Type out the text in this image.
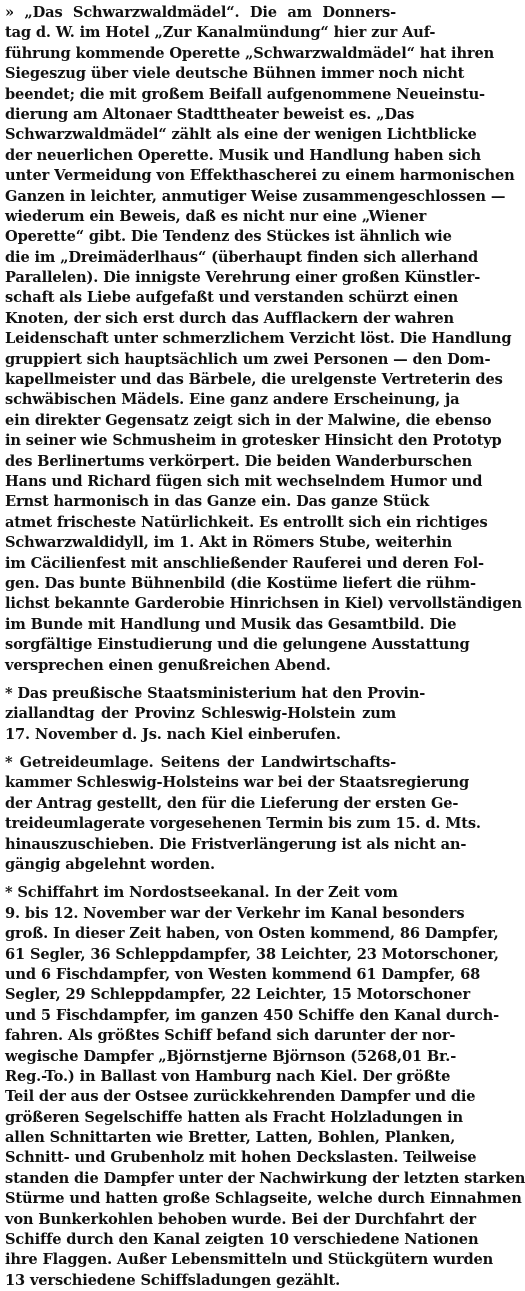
» „Das Schwarzwaldmädel“. Die am Donners-
tag d. W. im Hotel „Zur Kanalmündung“ hier zur Auf-
führung kommende Operette „Schwarzwaldmädel“ hat ihren
Siegeszug über viele deutsche Bühnen immer noch nicht
beendet; die mit großem Beifall aufgenommene Neueinstu-
dierung am Altonaer Stadttheater beweist es. „Das
Schwarzwaldmädel“ zählt als eine der wenigen Lichtblicke
der neuerlichen Operette. Musik und Handlung haben sich
unter Vermeidung von Effekthascherei zu einem harmonischen
Ganzen in leichter, anmutiger Weise zusammengeschlossen —
wiederum ein Beweis, daß es nicht nur eine „Wiener
Operette“ gibt. Die Tendenz des Stückes ist ähnlich wie
die im „Dreimäderlhaus“ (überhaupt finden sich allerhand
Parallelen). Die innigste Verehrung einer großen Künstler-
schaft als Liebe aufgefaßt und verstanden schürzt einen
Knoten, der sich erst durch das Aufflackern der wahren
Leidenschaft unter schmerzlichem Verzicht löst. Die Handlung
gruppiert sich hauptsächlich um zwei Personen — den Dom-
kapellmeister und das Bärbele, die urelgenste Vertreterin des
schwäbischen Mädels. Eine ganz andere Erscheinung, ja
ein direkter Gegensatz zeigt sich in der Malwine, die ebenso
in seiner wie Schmusheim in grotesker Hinsicht den Prototyp
des Berlinertums verkörpert. Die beiden Wanderburschen
Hans und Richard fügen sich mit wechselndem Humor und
Ernst harmonisch in das Ganze ein. Das ganze Stück
atmet frischeste Natürlichkeit. Es entrollt sich ein richtiges
Schwarzwaldidyll, im 1. Akt in Römers Stube, weiterhin
im Cäcilienfest mit anschließender Rauferei und deren Fol-
gen. Das bunte Bühnenbild (die Kostüme liefert die rühm-
lichst bekannte Garderobie Hinrichsen in Kiel) vervollständigen
im Bunde mit Handlung und Musik das Gesamtbild. Die
sorgfältige Einstudierung und die gelungene Ausstattung
versprechen einen genußreichen Abend.
* Das preußische Staatsministerium hat den Provin-
ziallandtag der Provinz Schleswig-Holstein zum
17. November d. Js. nach Kiel einberufen.
* Getreideumlage. Seitens der Landwirtschafts-
kammer Schleswig-Holsteins war bei der Staatsregierung
der Antrag gestellt, den für die Lieferung der ersten Ge-
treideumlagerate vorgesehenen Termin bis zum 15. d. Mts.
hinauszuschieben. Die Fristverlängerung ist als nicht an-
gängig abgelehnt worden.
* Schiffahrt im Nordostseekanal. In der Zeit vom
9. bis 12. November war der Verkehr im Kanal besonders
groß. In dieser Zeit haben, von Osten kommend, 86 Dampfer,
61 Segler, 36 Schleppdampfer, 38 Leichter, 23 Motorschoner,
und 6 Fischdampfer, von Westen kommend 61 Dampfer, 68
Segler, 29 Schleppdampfer, 22 Leichter, 15 Motorschoner
und 5 Fischdampfer, im ganzen 450 Schiffe den Kanal durch-
fahren. Als größtes Schiff befand sich darunter der nor-
wegische Dampfer „Björnstjerne Björnson (5268,01 Br.-
Reg.-To.) in Ballast von Hamburg nach Kiel. Der größte
Teil der aus der Ostsee zurückkehrenden Dampfer und die
größeren Segelschiffe hatten als Fracht Holzladungen in
allen Schnittarten wie Bretter, Latten, Bohlen, Planken,
Schnitt- und Grubenholz mit hohen Deckslasten. Teilweise
standen die Dampfer unter der Nachwirkung der letzten starken
Stürme und hatten große Schlagseite, welche durch Einnahmen
von Bunkerkohlen behoben wurde. Bei der Durchfahrt der
Schiffe durch den Kanal zeigten 10 verschiedene Nationen
ihre Flaggen. Außer Lebensmitteln und Stückgütern wurden
13 verschiedene Schiffsladungen gezählt.
